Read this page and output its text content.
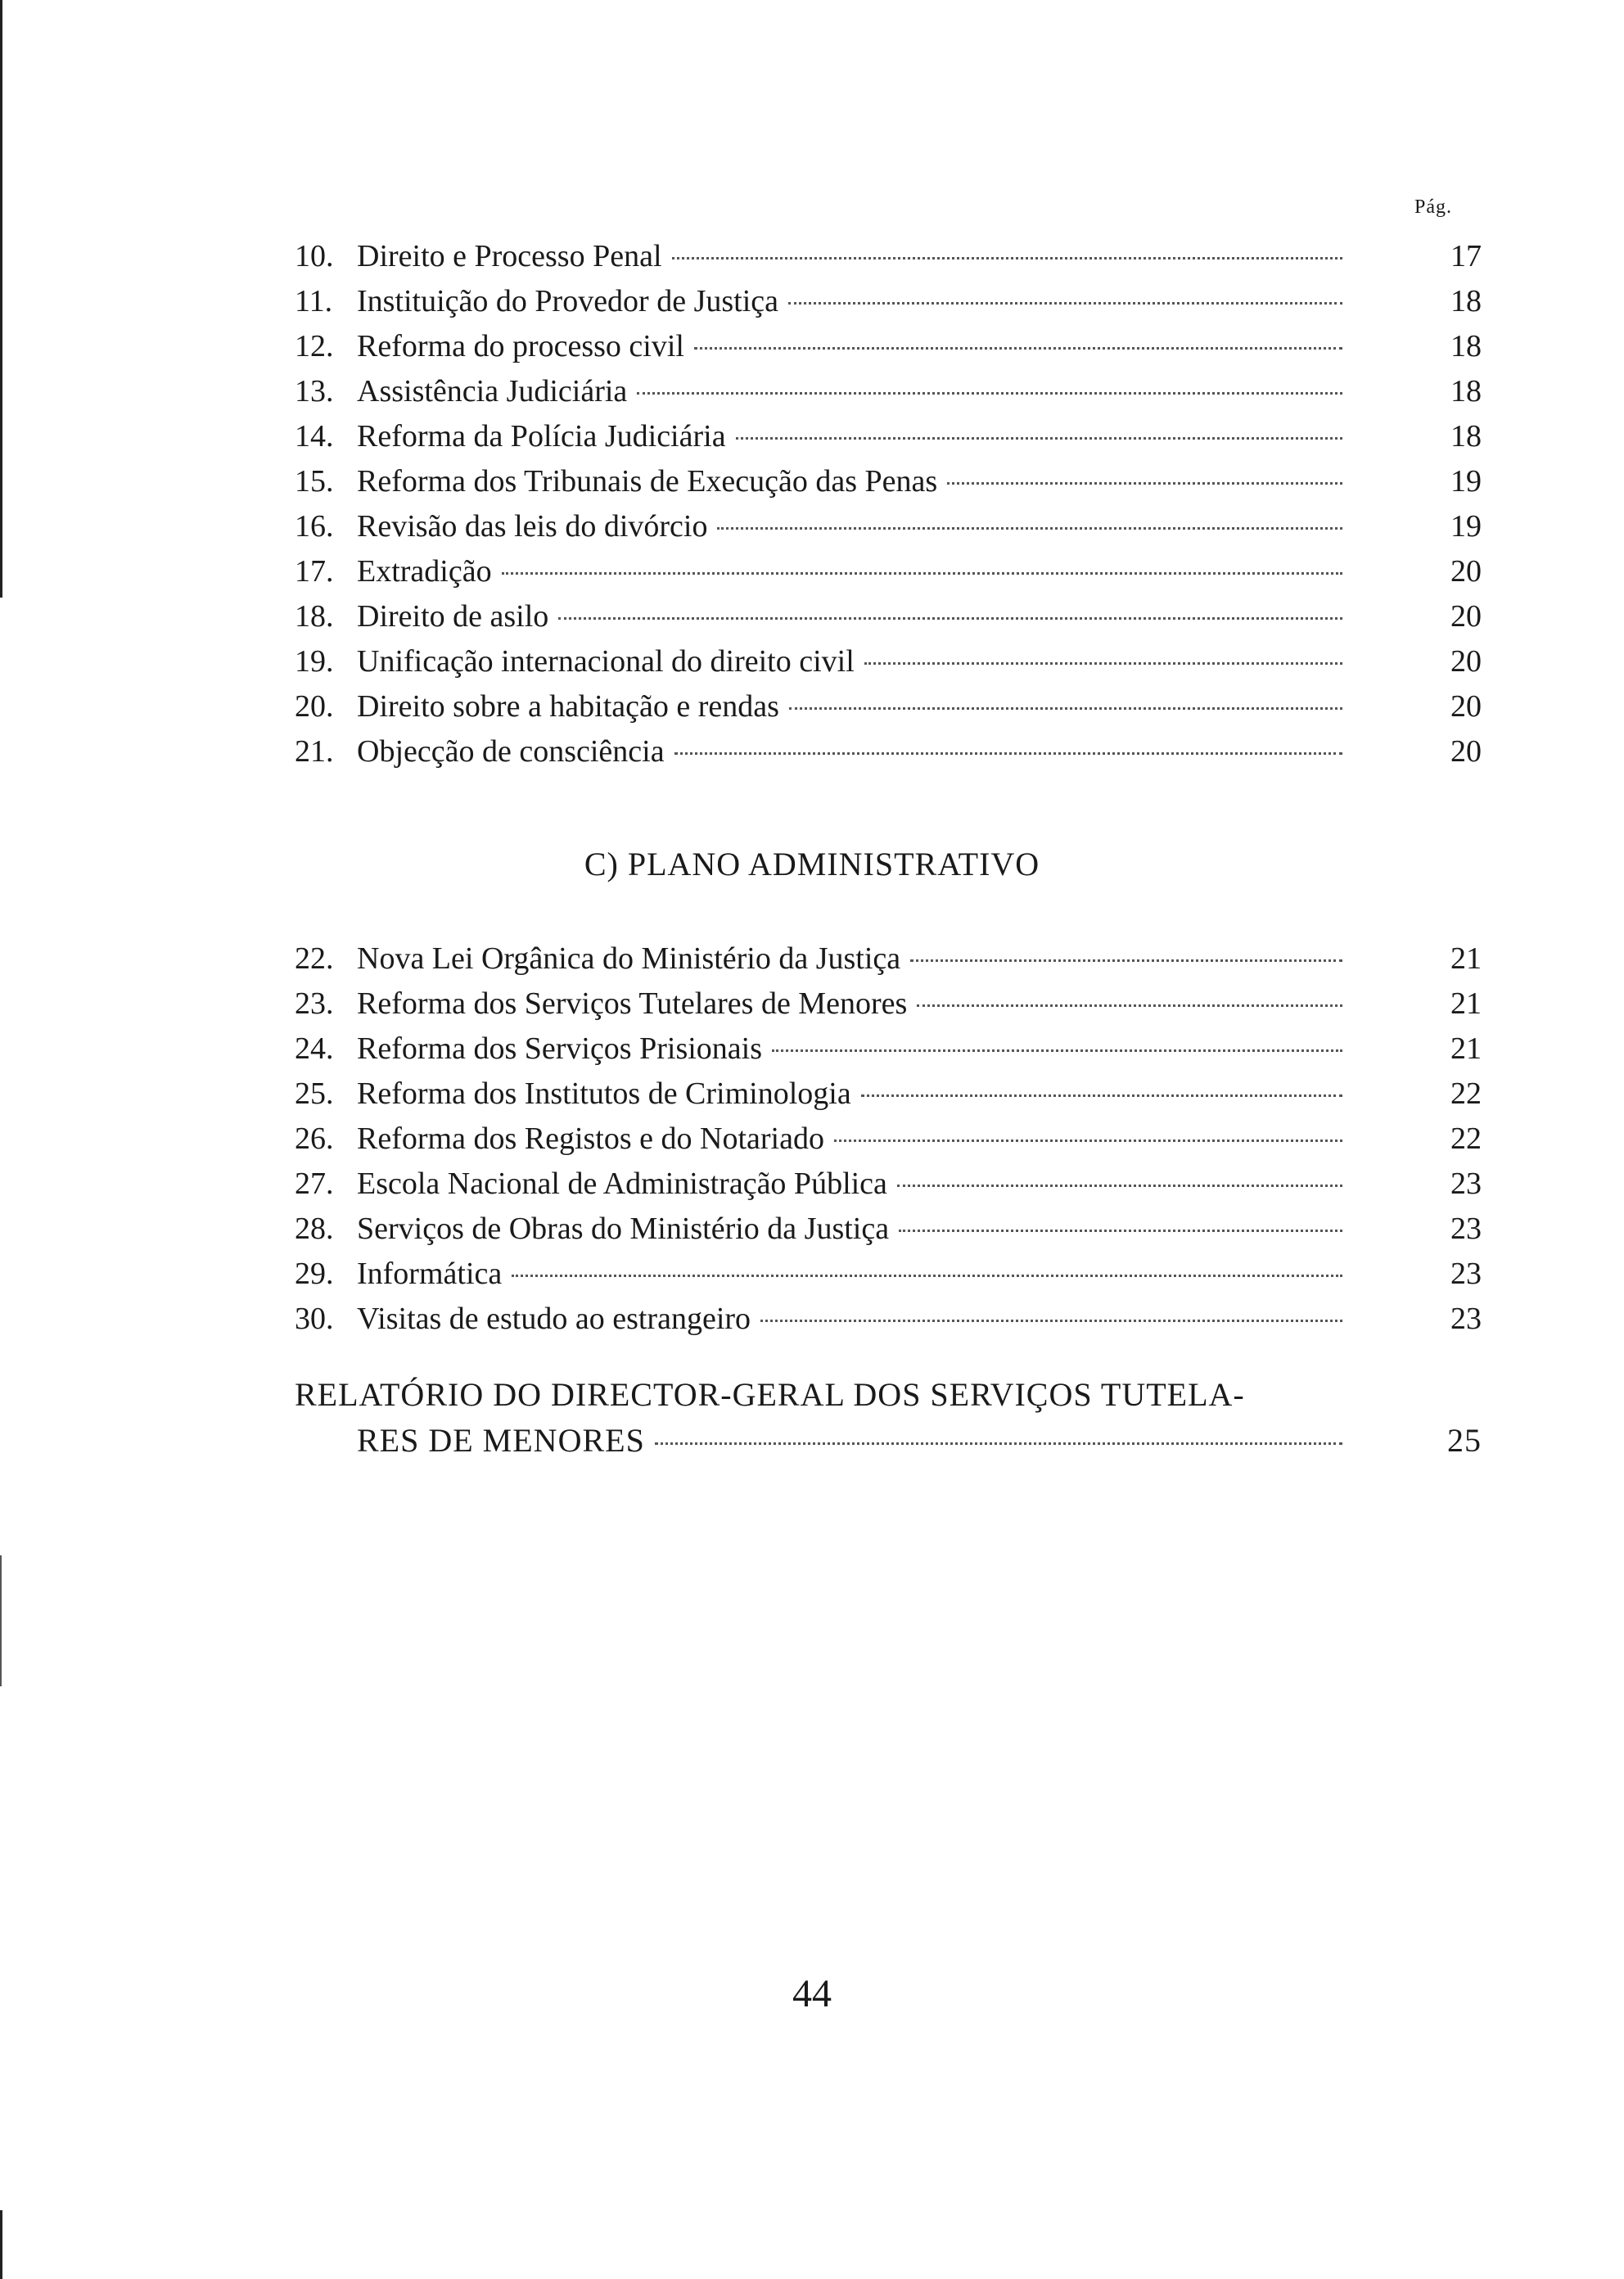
Pág.
10. Direito e Processo Penal	17
11. Instituição do Provedor de Justiça	18
12. Reforma do processo civil	18
13. Assistência Judiciária	18
14. Reforma da Polícia Judiciária	18
15. Reforma dos Tribunais de Execução das Penas	19
16. Revisão das leis do divórcio	19
17. Extradição	20
18. Direito de asilo	20
19. Unificação internacional do direito civil	20
20. Direito sobre a habitação e rendas	20
21. Objecção de consciência	20
C) PLANO ADMINISTRATIVO
22. Nova Lei Orgânica do Ministério da Justiça	21
23. Reforma dos Serviços Tutelares de Menores	21
24. Reforma dos Serviços Prisionais	21
25. Reforma dos Institutos de Criminologia	22
26. Reforma dos Registos e do Notariado	22
27. Escola Nacional de Administração Pública	23
28. Serviços de Obras do Ministério da Justiça	23
29. Informática	23
30. Visitas de estudo ao estrangeiro	23
RELATÓRIO DO DIRECTOR-GERAL DOS SERVIÇOS TUTELA-
RES DE MENORES	25
44
